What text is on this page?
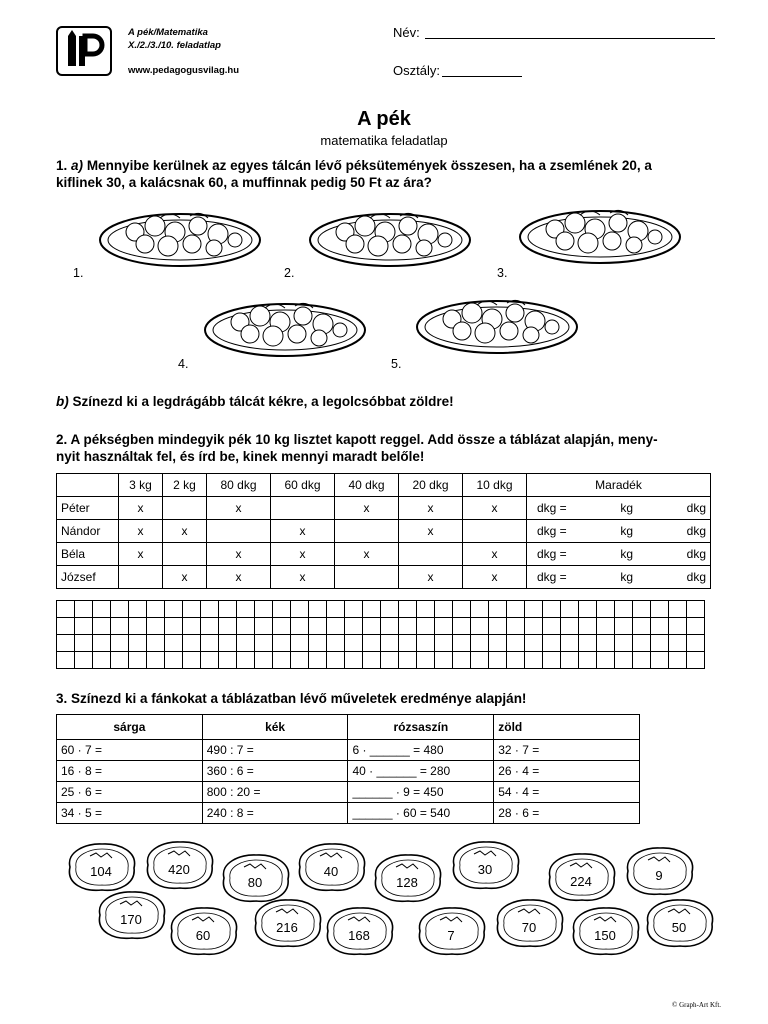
A pék/Matematika
X./2./3./10. feladatlap
www.pedagogusvilag.hu
Név:
Osztály:
A pék
matematika feladatlap
1. a) Mennyibe kerülnek az egyes tálcán lévő péksütemények összesen, ha a zsemlének 20, a
kiflinek 30, a kalácsnak 60, a muffinnak pedig 50 Ft az ára?
1.	2.	3.
4.	5.
b) Színezd ki a legdrágább tálcát kékre, a legolcsóbbat zöldre!
2. A pékségben mindegyik pék 10 kg lisztet kapott reggel. Add össze a táblázat alapján, meny-
nyit használtak fel, és írd be, kinek mennyi maradt belőle!
	3 kg	2 kg	80 dkg	60 dkg	40 dkg	20 dkg	10 dkg	Maradék
Péter	x		x		x	x	x	dkg = kg dkg

Nándor	x	x		x		x		dkg = kg dkg

Béla	x		x	x	x		x	dkg = kg dkg

József		x	x	x		x	x	dkg = kg dkg
3. Színezd ki a fánkokat a táblázatban lévő műveletek eredménye alapján!
sárga	kék	rózsaszín	zöld
60 · 7 =	490 : 7 =	6 · ______ = 480	32 · 7 =
16 · 8 =	360 : 6 =	40 · ______ = 280	26 · 4 =
25 · 6 =	800 : 20 =	______ · 9 = 450	54 · 4 =
34 · 5 =	240 : 8 =	______ · 60 = 540	28 · 6 =
104	420
80
40
128
30
224	9
170
60
216
168	7
70
150
50
© Graph-Art Kft.
